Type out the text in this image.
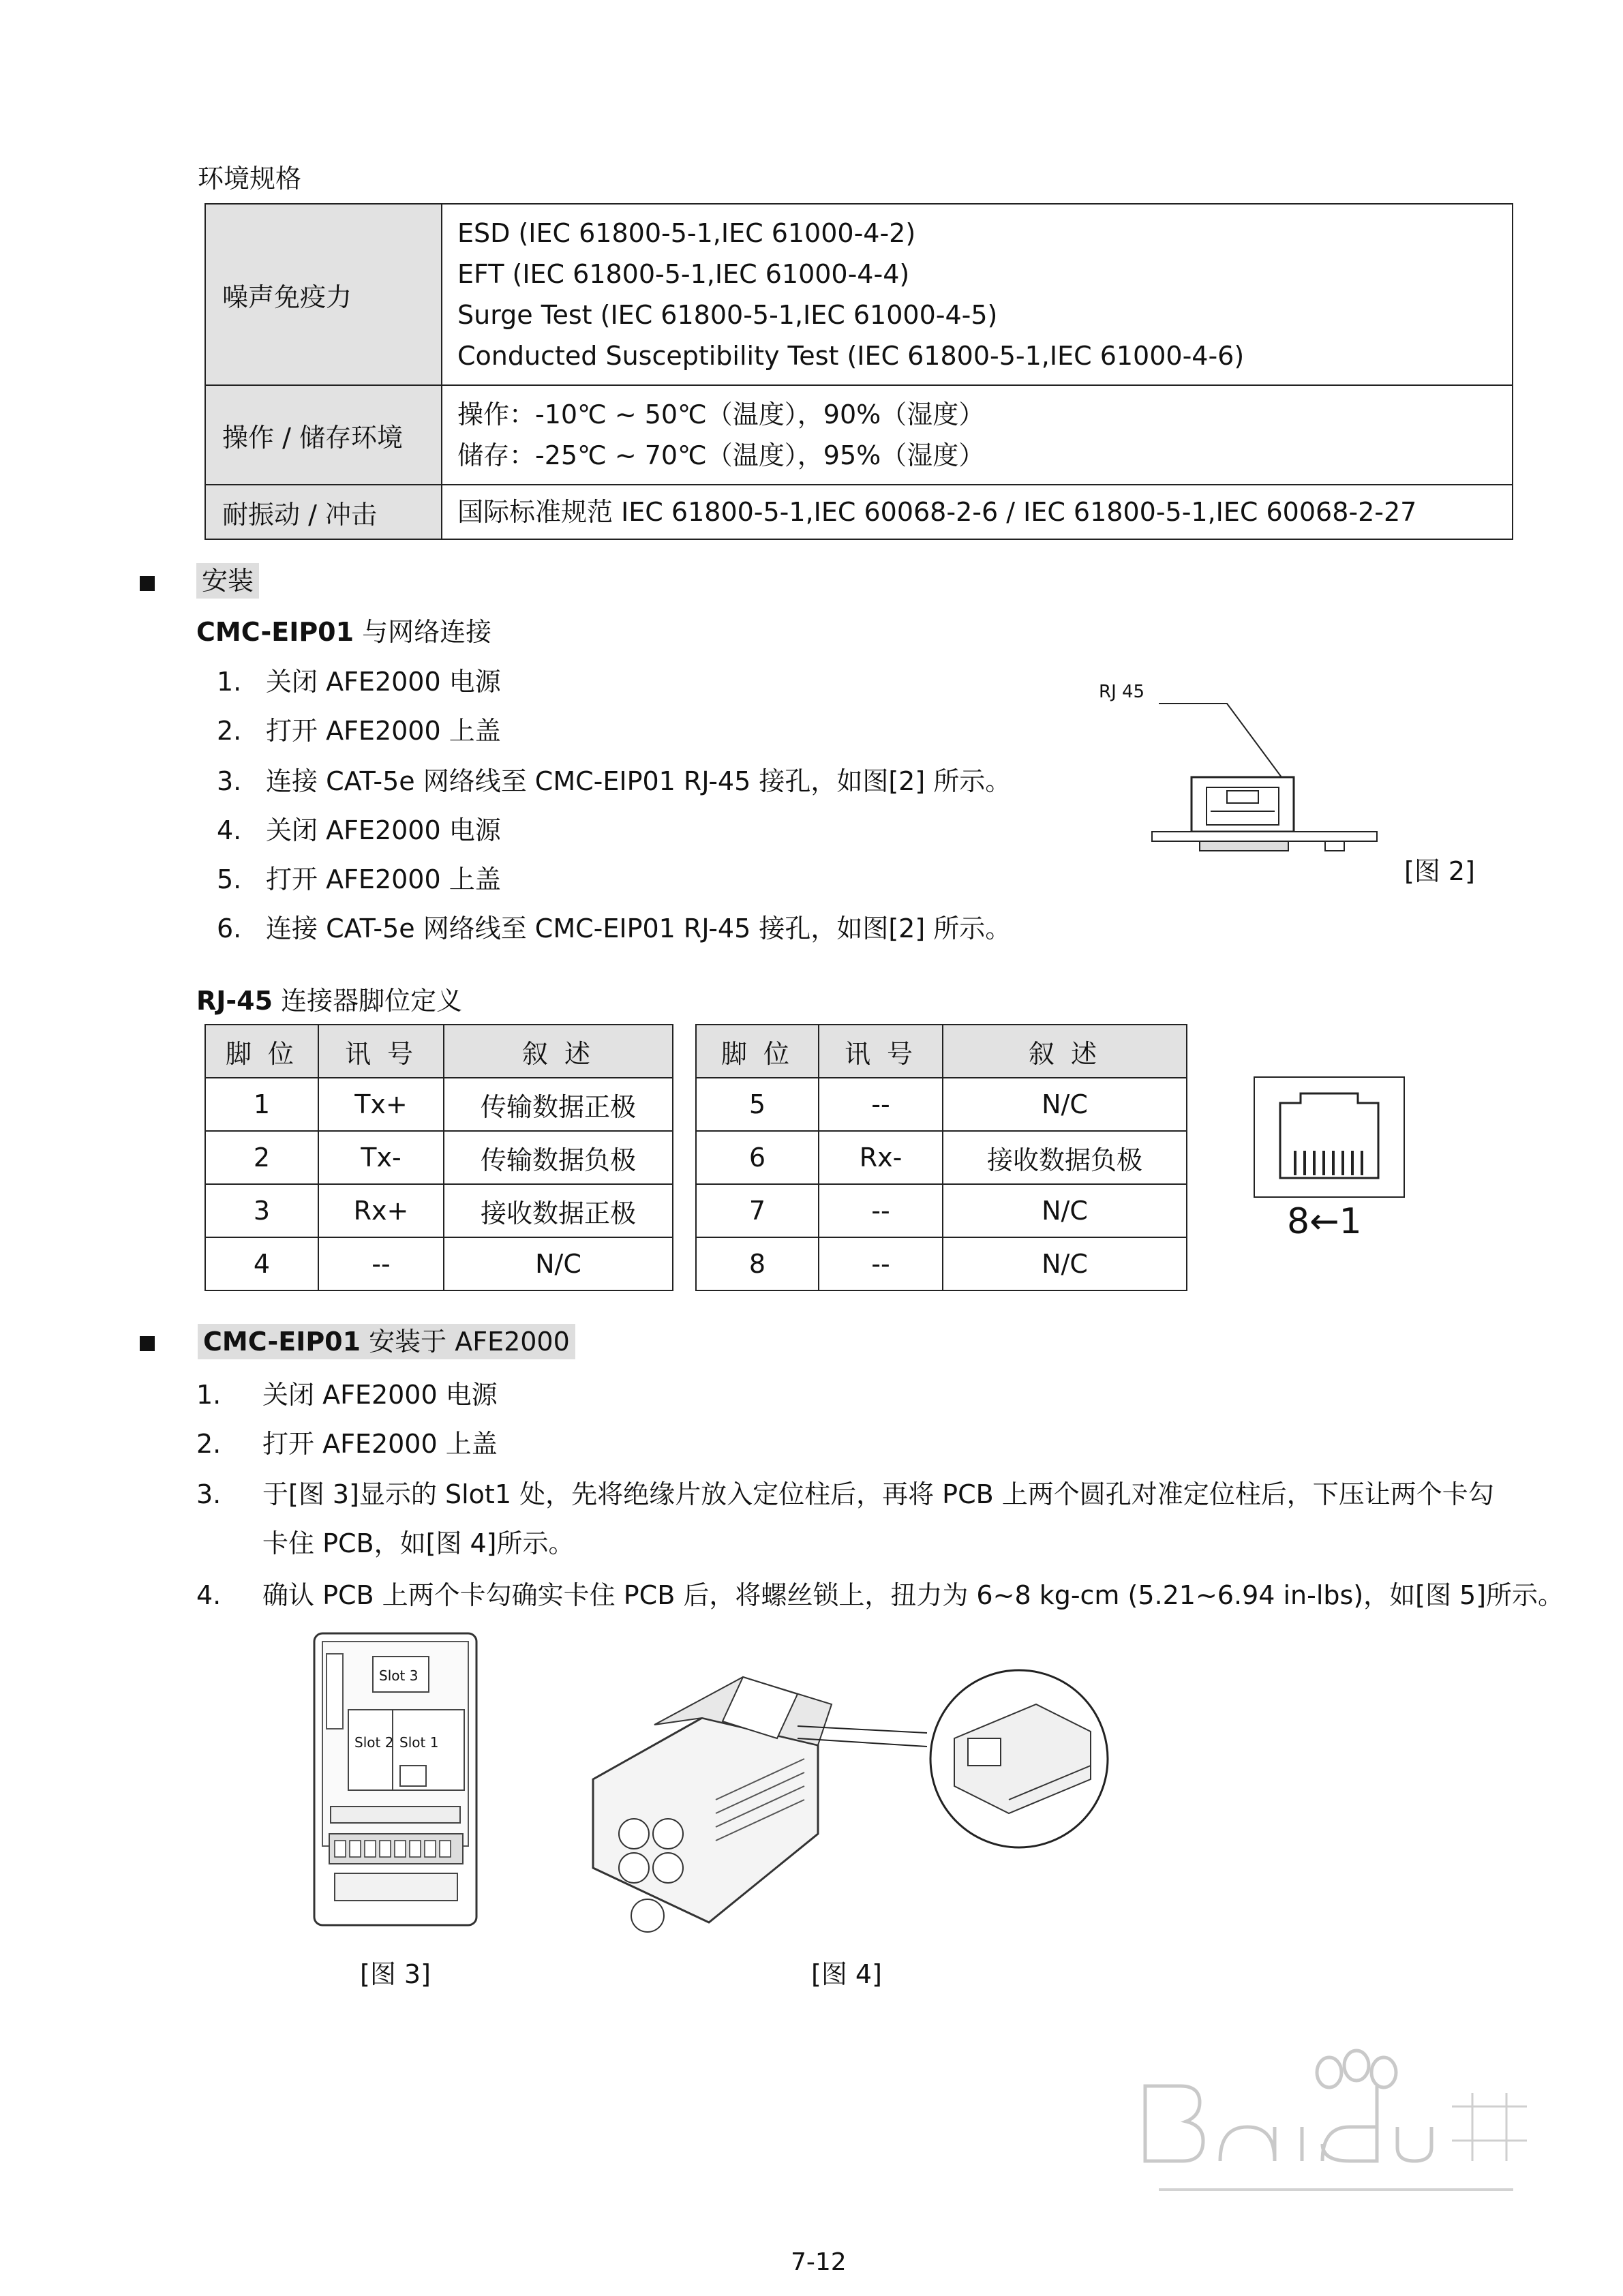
环境规格
噪声免疫力	ESD (IEC 61800-5-1,IEC 61000-4-2)
EFT (IEC 61800-5-1,IEC 61000-4-4)
Surge Test (IEC 61800-5-1,IEC 61000-4-5)
Conducted Susceptibility Test (IEC 61800-5-1,IEC 61000-4-6)

操作 / 储存环境	操作：-10℃ ~ 50℃（温度），90%（湿度）
储存：-25℃ ~ 70℃（温度），95%（湿度）

耐振动 / 冲击	国际标准规范 IEC 61800-5-1,IEC 60068-2-6 / IEC 61800-5-1,IEC 60068-2-27
安装
CMC-EIP01 与网络连接
1. 关闭 AFE2000 电源
2. 打开 AFE2000 上盖
3. 连接 CAT-5e 网络线至 CMC-EIP01 RJ-45 接孔，如图[2] 所示。
4. 关闭 AFE2000 电源
5. 打开 AFE2000 上盖
6. 连接 CAT-5e 网络线至 CMC-EIP01 RJ-45 接孔，如图[2] 所示。
RJ 45
[图 2]
RJ-45 连接器脚位定义
脚 位	讯 号	叙 述
1	Tx+	传输数据正极
2	Tx-	传输数据负极
3	Rx+	接收数据正极
4	--	N/C
脚 位	讯 号	叙 述
5	--	N/C
6	Rx-	接收数据负极
7	--	N/C
8	--	N/C
8←1
CMC-EIP01 安装于 AFE2000
1. 关闭 AFE2000 电源
2. 打开 AFE2000 上盖
3. 于[图 3]显示的 Slot1 处，先将绝缘片放入定位柱后，再将 PCB 上两个圆孔对准定位柱后，下压让两个卡勾
卡住 PCB，如[图 4]所示。
4. 确认 PCB 上两个卡勾确实卡住 PCB 后，将螺丝锁上，扭力为 6~8 kg-cm (5.21~6.94 in-lbs)，如[图 5]所示。
Slot 3
Slot 2 Slot 1
[图 3]	[图 4]
7-12
